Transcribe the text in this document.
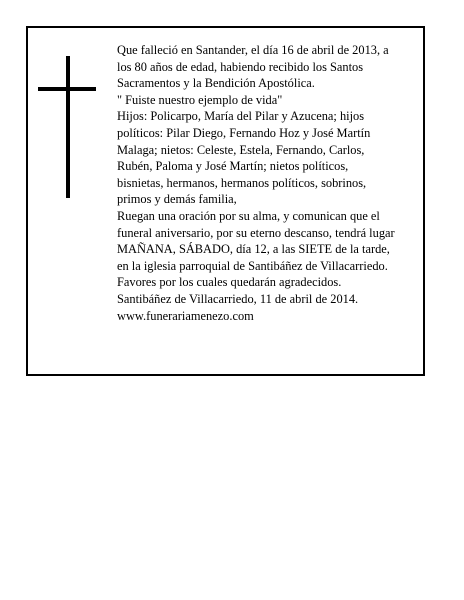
Que falleció en Santander, el día 16 de abril de 2013, a

los 80 años de edad, habiendo recibido los Santos

Sacramentos y la Bendición Apostólica.

" Fuiste nuestro ejemplo de vida"

Hijos: Policarpo, María del Pilar y Azucena; hijos

políticos: Pilar Diego, Fernando Hoz y José Martín

Malaga; nietos: Celeste, Estela, Fernando, Carlos,

Rubén, Paloma y José Martín; nietos políticos,

bisnietas, hermanos, hermanos políticos, sobrinos,

primos y demás familia,

Ruegan una oración por su alma, y comunican que el

funeral aniversario, por su eterno descanso, tendrá lugar

MAÑANA, SÁBADO, día 12, a las SIETE de la tarde,

en la iglesia parroquial de Santibáñez de Villacarriedo.

Favores por los cuales quedarán agradecidos.

Santibáñez de Villacarriedo, 11 de abril de 2014.

www.funerariamenezo.com
